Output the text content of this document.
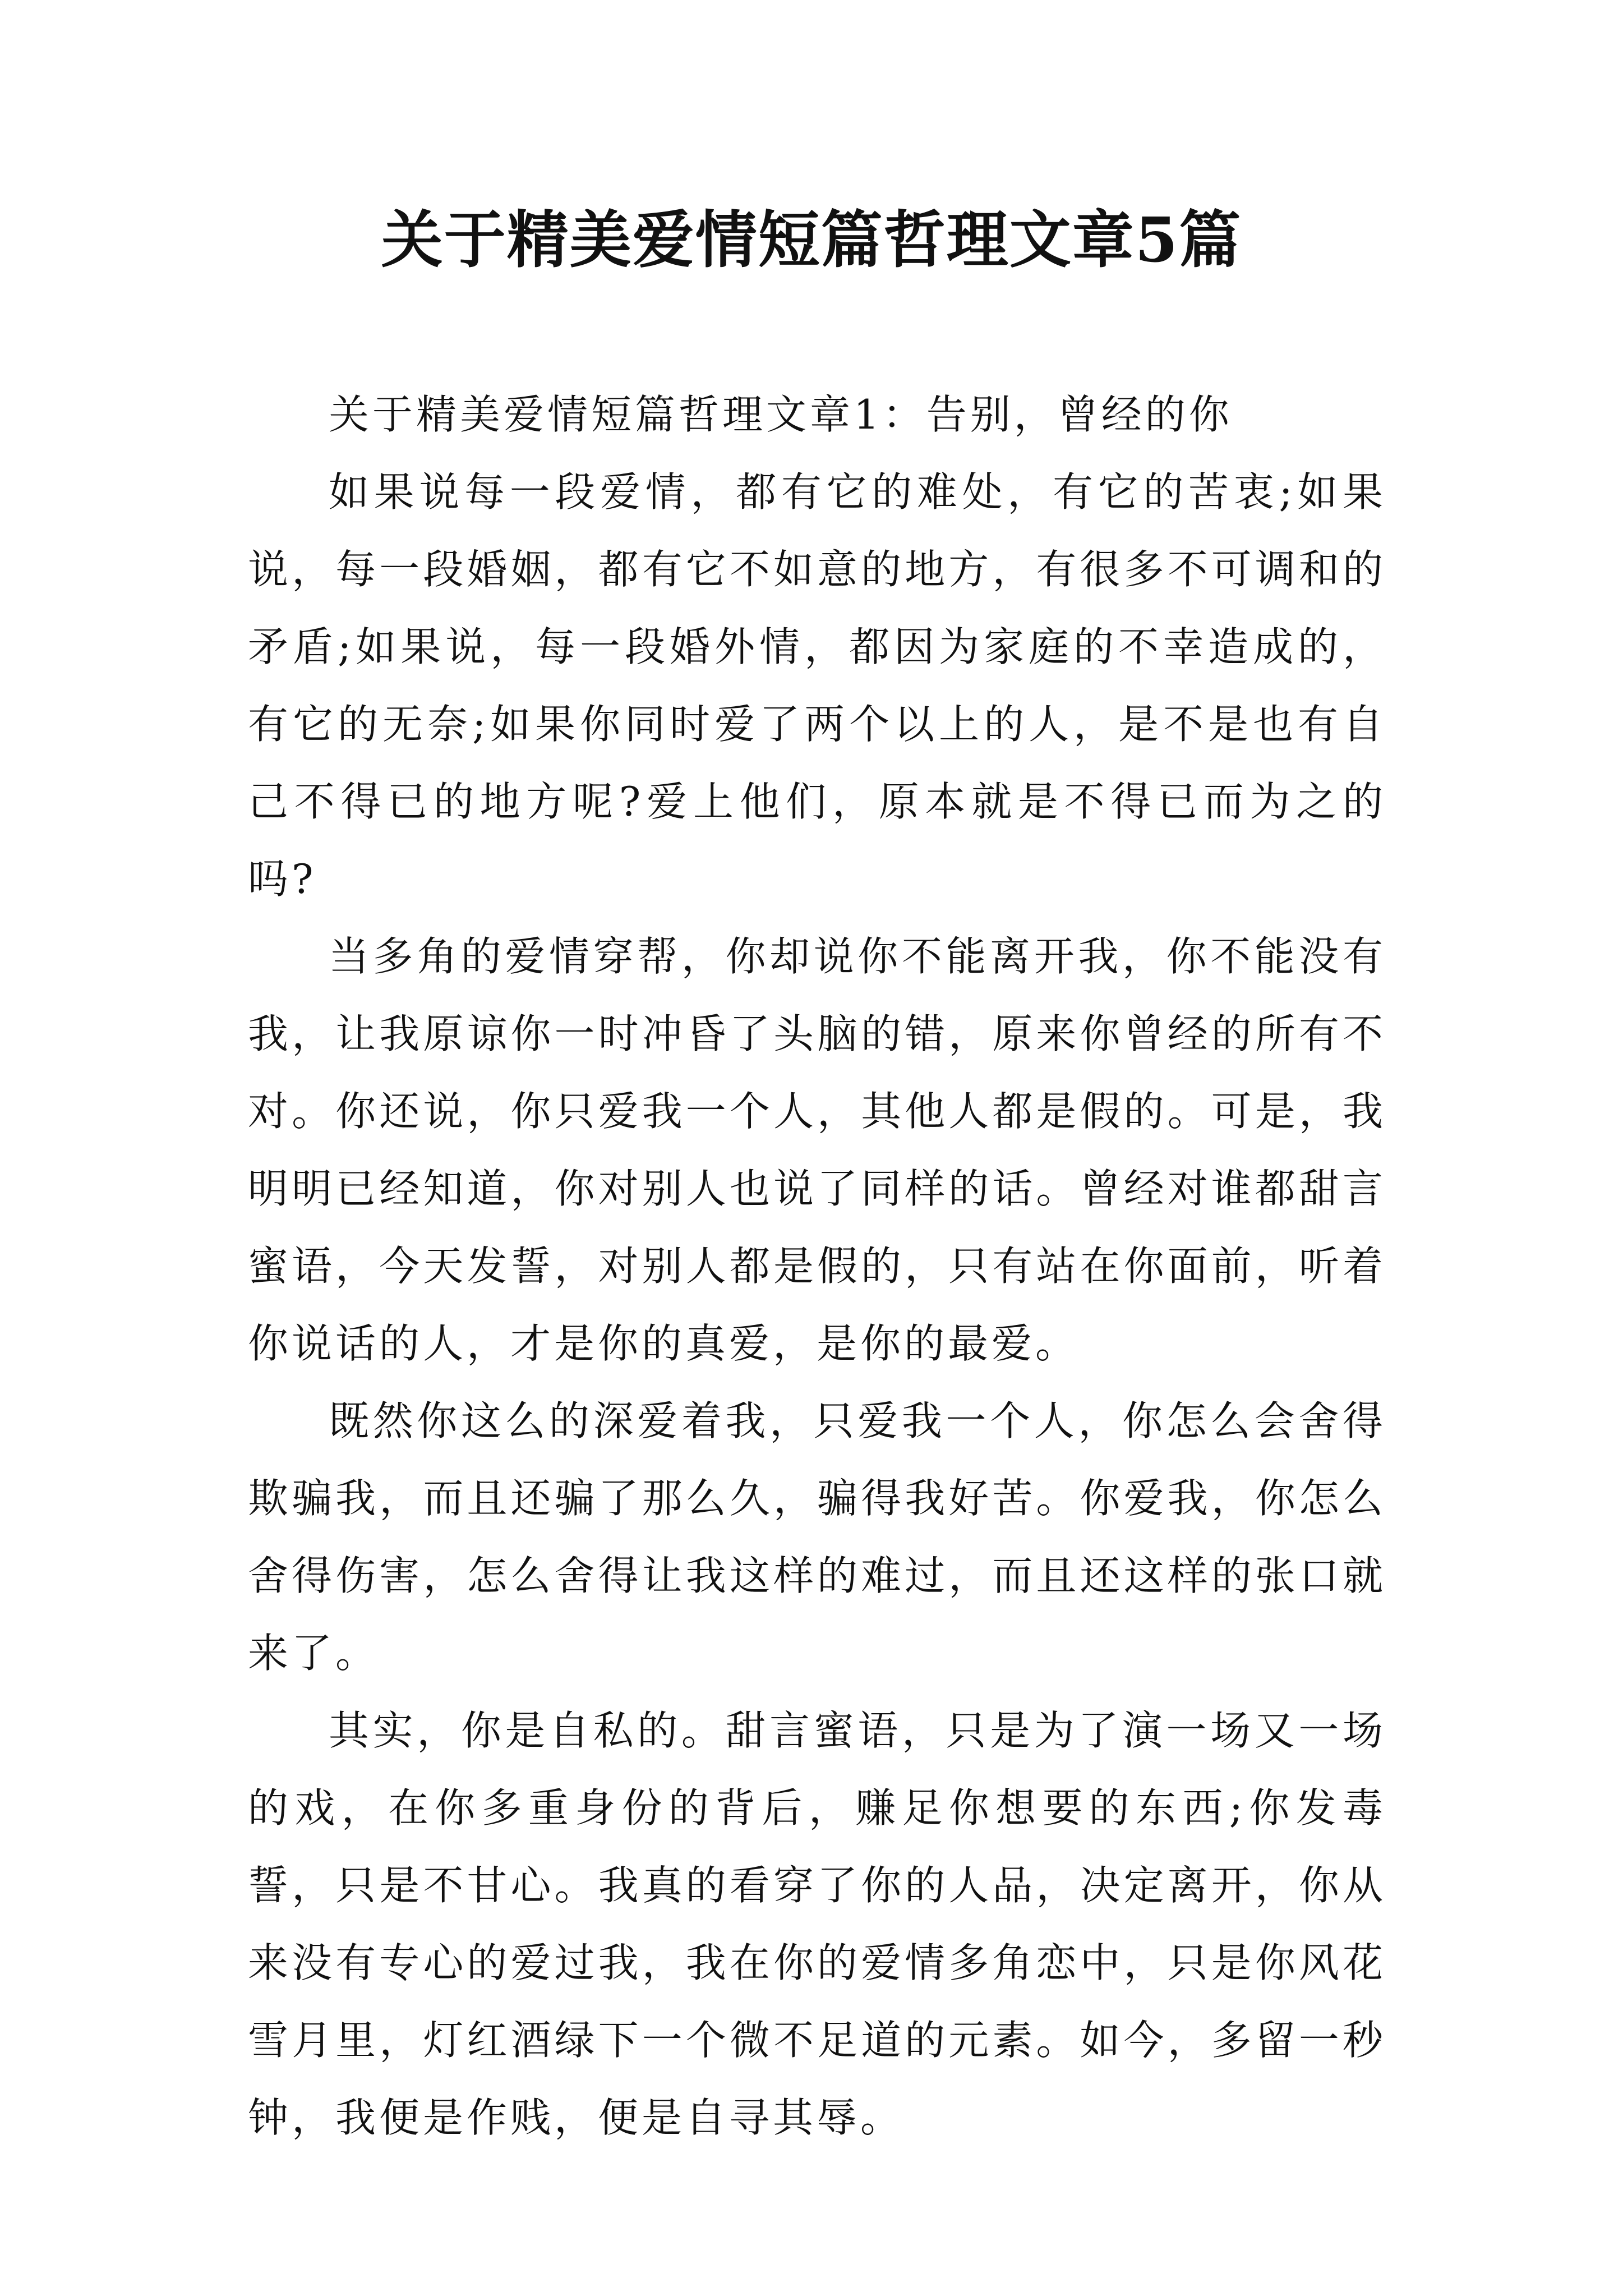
关于精美爱情短篇哲理文章5篇

关于精美爱情短篇哲理文章1：告别，曾经的你

如果说每一段爱情，都有它的难处，有它的苦衷;如果说，每一段婚姻，都有它不如意的地方，有很多不可调和的矛盾;如果说，每一段婚外情，都因为家庭的不幸造成的，有它的无奈;如果你同时爱了两个以上的人，是不是也有自己不得已的地方呢?爱上他们，原本就是不得已而为之的吗?

当多角的爱情穿帮，你却说你不能离开我，你不能没有我，让我原谅你一时冲昏了头脑的错，原来你曾经的所有不对。你还说，你只爱我一个人，其他人都是假的。可是，我明明已经知道，你对别人也说了同样的话。曾经对谁都甜言蜜语，今天发誓，对别人都是假的，只有站在你面前，听着你说话的人，才是你的真爱，是你的最爱。

既然你这么的深爱着我，只爱我一个人，你怎么会舍得欺骗我，而且还骗了那么久，骗得我好苦。你爱我，你怎么舍得伤害，怎么舍得让我这样的难过，而且还这样的张口就来了。

其实，你是自私的。甜言蜜语，只是为了演一场又一场的戏，在你多重身份的背后，赚足你想要的东西;你发毒誓，只是不甘心。我真的看穿了你的人品，决定离开，你从来没有专心的爱过我，我在你的爱情多角恋中，只是你风花雪月里，灯红酒绿下一个微不足道的元素。如今，多留一秒钟，我便是作贱，便是自寻其辱。
